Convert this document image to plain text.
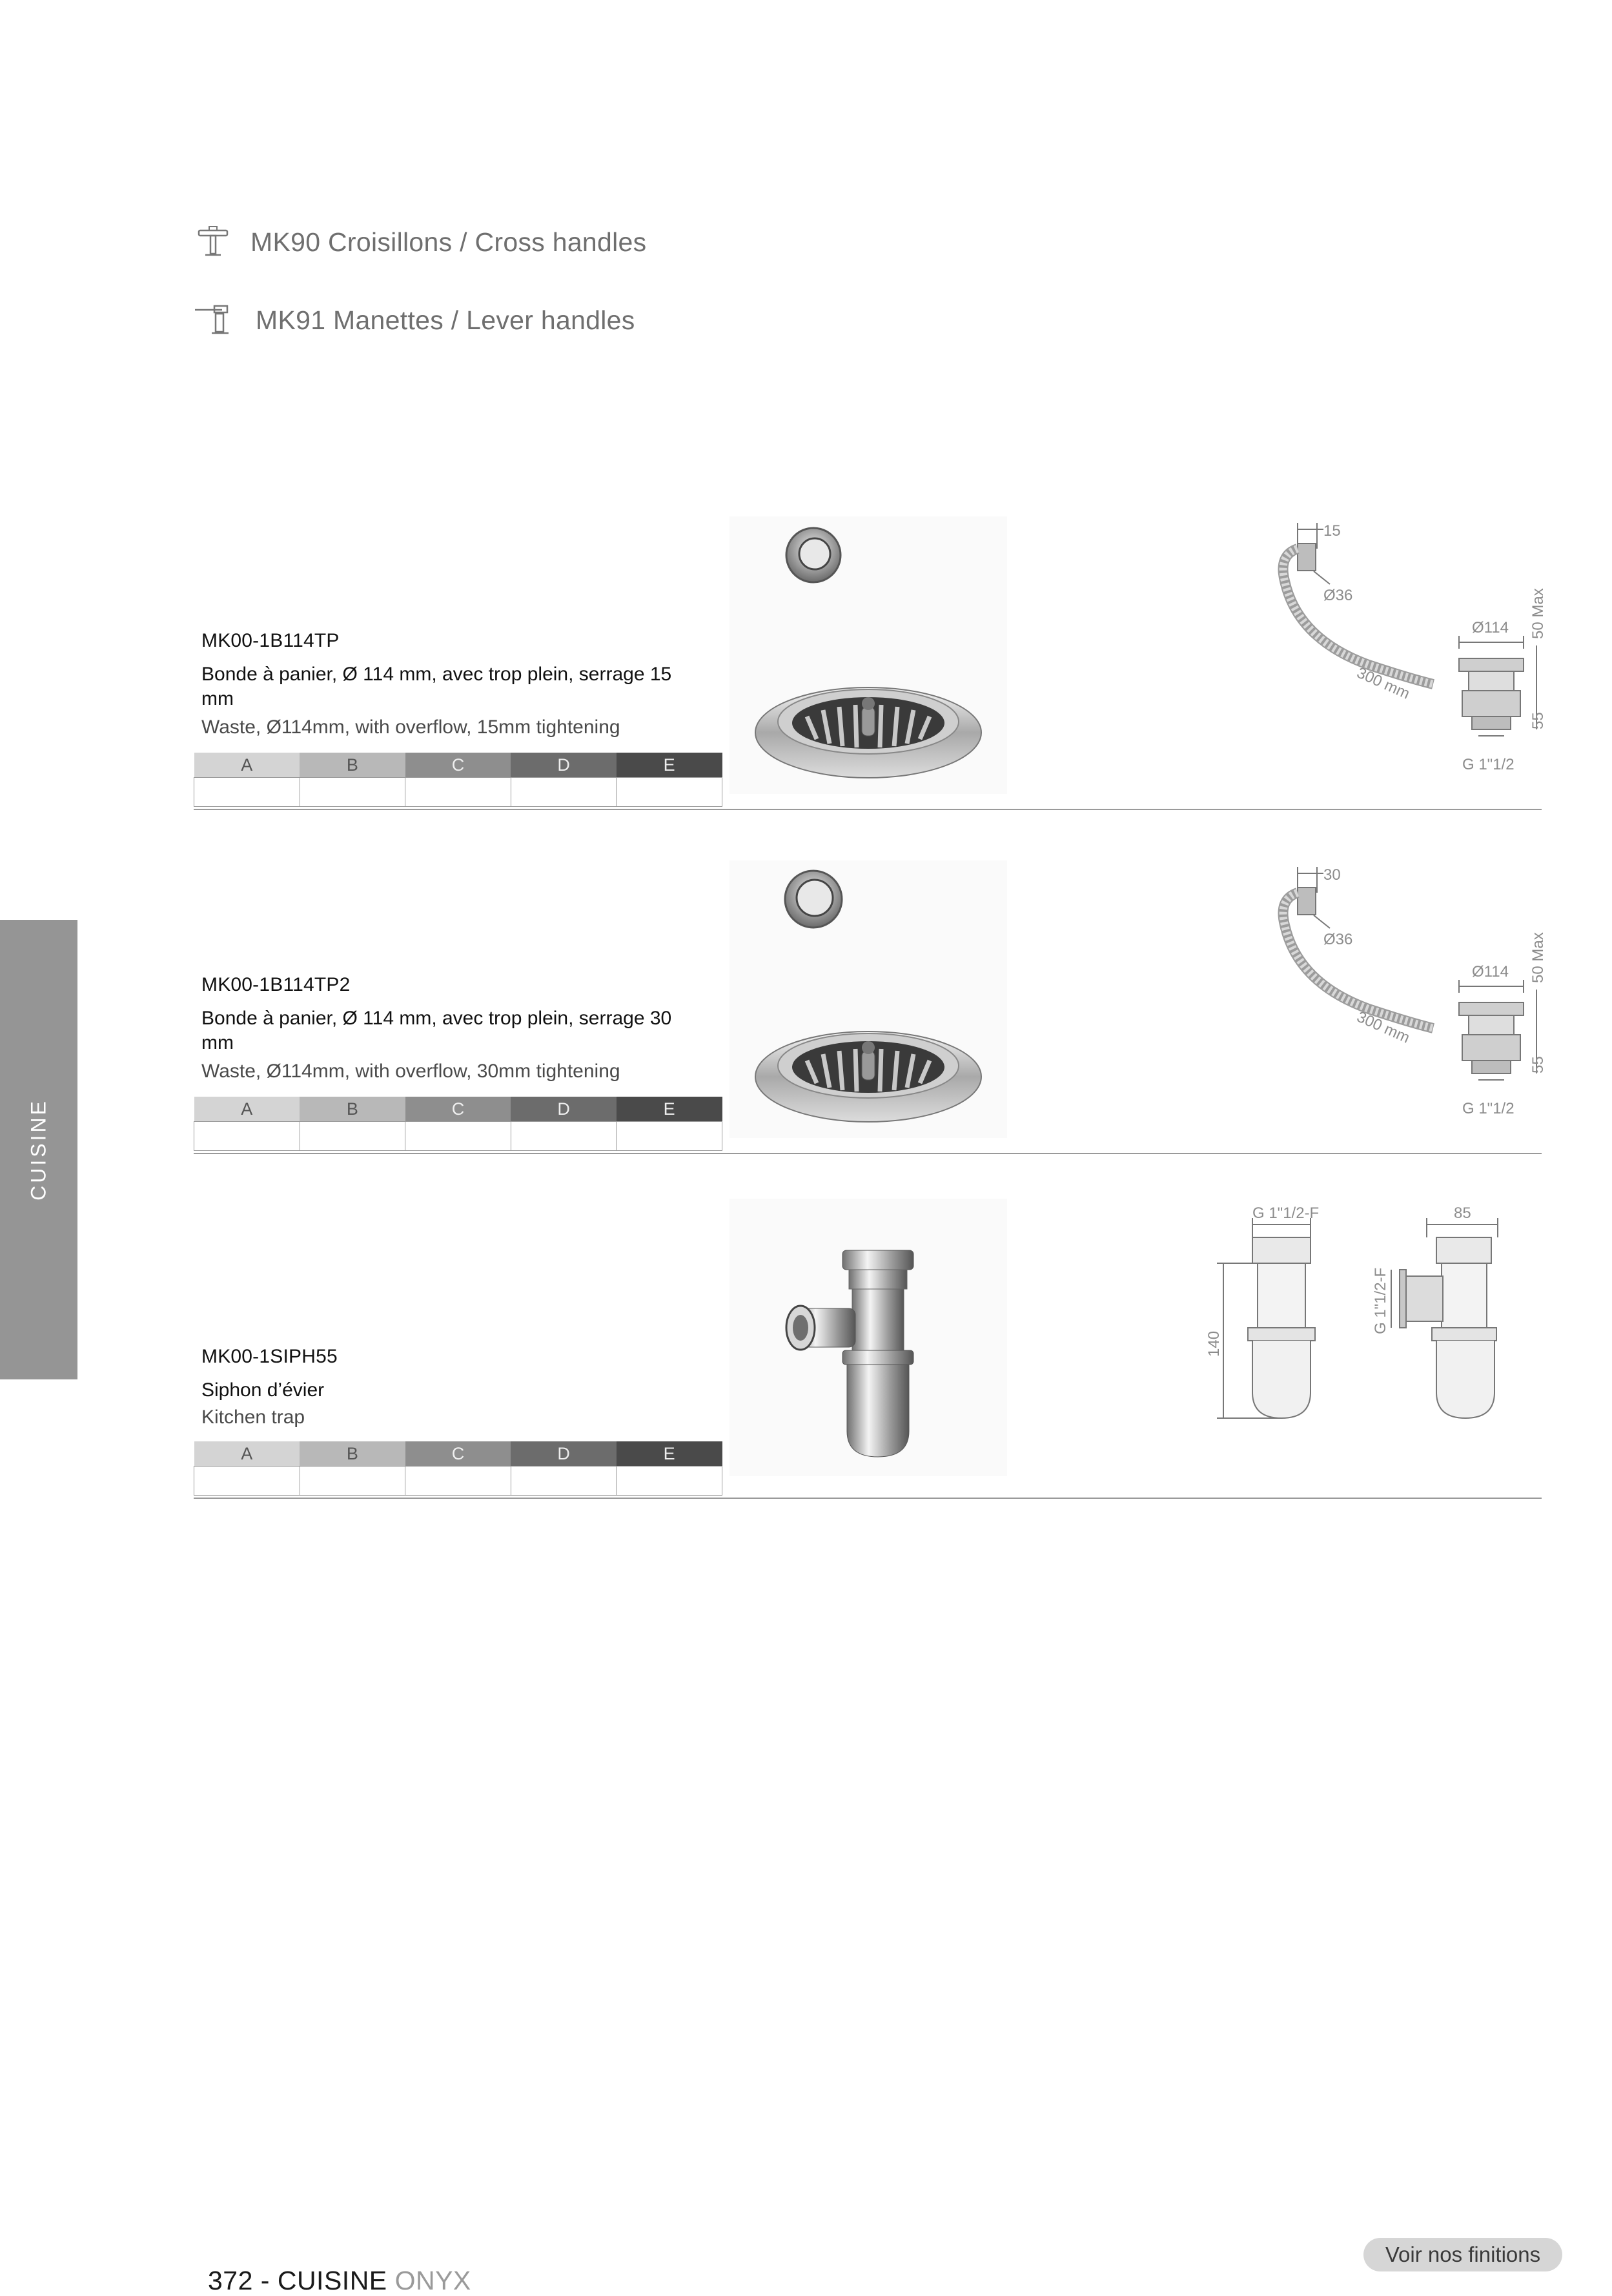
MK90 Croisillons / Cross handles
MK91 Manettes / Lever handles
CUISINE
MK00-1B114TP
Bonde à panier, Ø 114 mm, avec trop plein, serrage 15 mm
Waste, Ø114mm, with overflow, 15mm tightening
A	B	C	D	E

15
Ø36
Ø114 50 Max
300 mm
55
G 1"1/2
MK00-1B114TP2
Bonde à panier, Ø 114 mm, avec trop plein, serrage 30 mm
Waste, Ø114mm, with overflow, 30mm tightening
A	B	C	D	E

30
Ø36
Ø114 50 Max
300 mm
55
G 1"1/2
MK00-1SIPH55
Siphon d’évier
Kitchen trap
A	B	C	D	E

G 1"1/2-F	85
140
G 1"1/2-F
372 - CUISINE ONYX
Voir nos finitions
